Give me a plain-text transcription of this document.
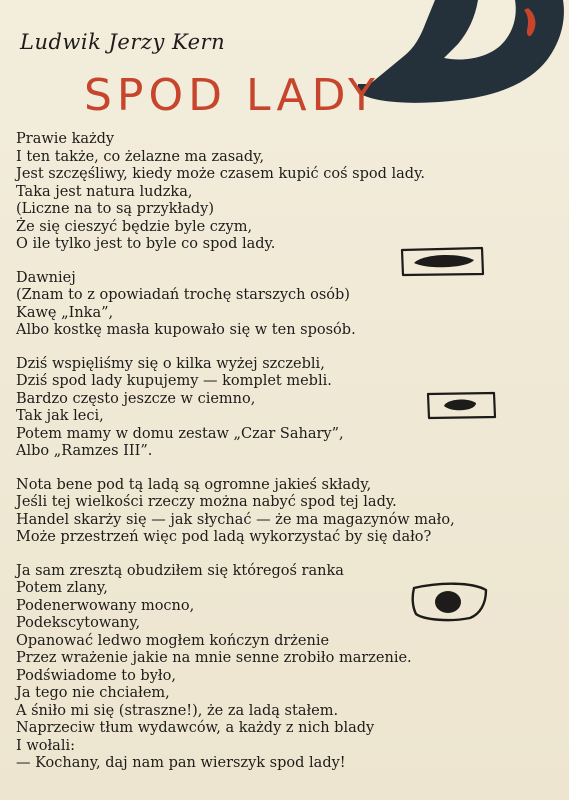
Ludwik Jerzy Kern
SPOD LADY
Prawie każdy
I ten także, co żelazne ma zasady,
Jest szczęśliwy, kiedy może czasem kupić coś spod lady.
Taka jest natura ludzka,
(Liczne na to są przykłady)
Że się cieszyć będzie byle czym,
O ile tylko jest to byle co spod lady.
Dawniej
(Znam to z opowiadań trochę starszych osób)
Kawę „Inka”,
Albo kostkę masła kupowało się w ten sposób.
Dziś wspięliśmy się o kilka wyżej szczebli,
Dziś spod lady kupujemy — komplet mebli.
Bardzo często jeszcze w ciemno,
Tak jak leci,
Potem mamy w domu zestaw „Czar Sahary”,
Albo „Ramzes III”.
Nota bene pod tą ladą są ogromne jakieś składy,
Jeśli tej wielkości rzeczy można nabyć spod tej lady.
Handel skarży się — jak słychać — że ma magazynów mało,
Może przestrzeń więc pod ladą wykorzystać by się dało?
Ja sam zresztą obudziłem się któregoś ranka
Potem zlany,
Podenerwowany mocno,
Podekscytowany,
Opanować ledwo mogłem kończyn drżenie
Przez wrażenie jakie na mnie senne zrobiło marzenie.
Podświadome to było,
Ja tego nie chciałem,
A śniło mi się (straszne!), że za ladą stałem.
Naprzeciw tłum wydawców, a każdy z nich blady
I wołali:
— Kochany, daj nam pan wierszyk spod lady!
